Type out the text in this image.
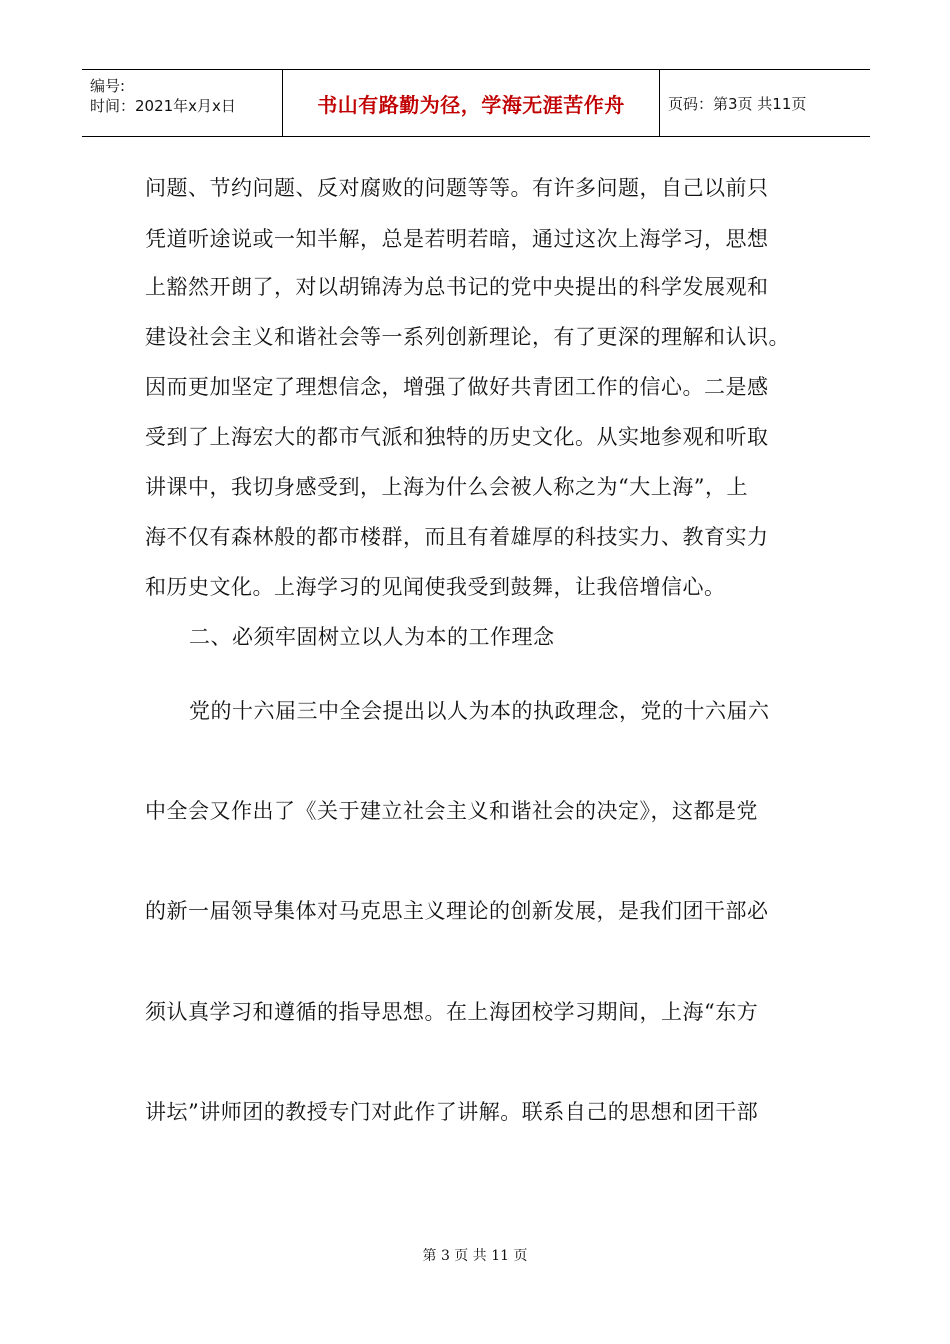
编号:
时间：2021年x月x日	书山有路勤为径，学海无涯苦作舟	页码：第3页 共11页
问题、节约问题、反对腐败的问题等等。有许多问题，自己以前只
凭道听途说或一知半解，总是若明若暗，通过这次上海学习，思想
上豁然开朗了，对以胡锦涛为总书记的党中央提出的科学发展观和
建设社会主义和谐社会等一系列创新理论，有了更深的理解和认识。
因而更加坚定了理想信念，增强了做好共青团工作的信心。二是感
受到了上海宏大的都市气派和独特的历史文化。从实地参观和听取
讲课中，我切身感受到，上海为什么会被人称之为“大上海”，上
海不仅有森林般的都市楼群，而且有着雄厚的科技实力、教育实力
和历史文化。上海学习的见闻使我受到鼓舞，让我倍增信心。
二、必须牢固树立以人为本的工作理念
党的十六届三中全会提出以人为本的执政理念，党的十六届六
中全会又作出了《关于建立社会主义和谐社会的决定》，这都是党
的新一届领导集体对马克思主义理论的创新发展，是我们团干部必
须认真学习和遵循的指导思想。在上海团校学习期间，上海“东方
讲坛”讲师团的教授专门对此作了讲解。联系自己的思想和团干部
第 3 页 共 11 页
